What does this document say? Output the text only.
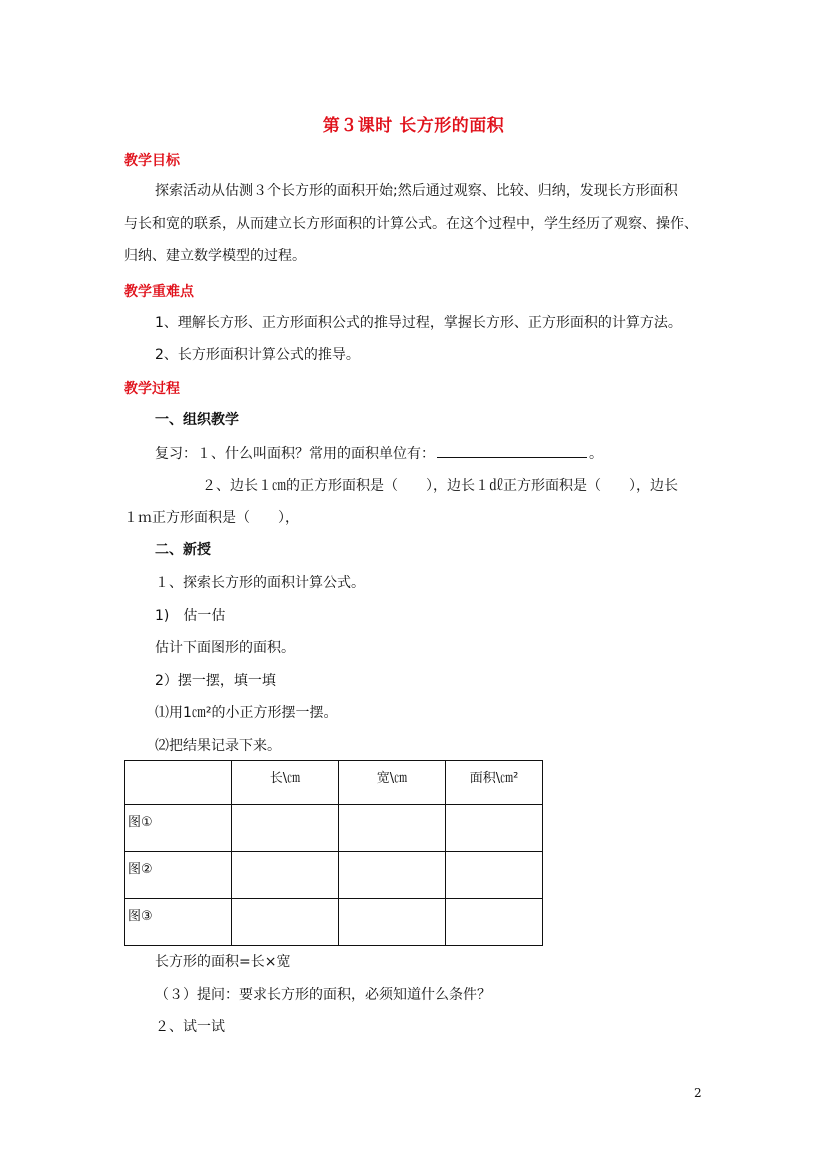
第３课时 长方形的面积
教学目标
探索活动从估测３个长方形的面积开始;然后通过观察、比较、归纳，发现长方形面积
与长和宽的联系，从而建立长方形面积的计算公式。在这个过程中，学生经历了观察、操作、
归纳、建立数学模型的过程。
教学重难点
1、理解长方形、正方形面积公式的推导过程，掌握长方形、正方形面积的计算方法。
2、长方形面积计算公式的推导。
教学过程
一、组织教学
复习：１、什么叫面积？常用的面积单位有：	。
２、边长１㎝的正方形面积是（　　），边长１㎗正方形面积是（　　），边长
１ｍ正方形面积是（　　），
二、新授
１、探索长方形的面积计算公式。
1)　估一估
估计下面图形的面积。
2）摆一摆，填一填
⑴用1㎝²的小正方形摆一摆。
⑵把结果记录下来。
	长\㎝	宽\㎝	面积\㎝²
图①			
图②			
图③			
长方形的面积=长×宽
（３）提问：要求长方形的面积，必须知道什么条件？
２、试一试
2
